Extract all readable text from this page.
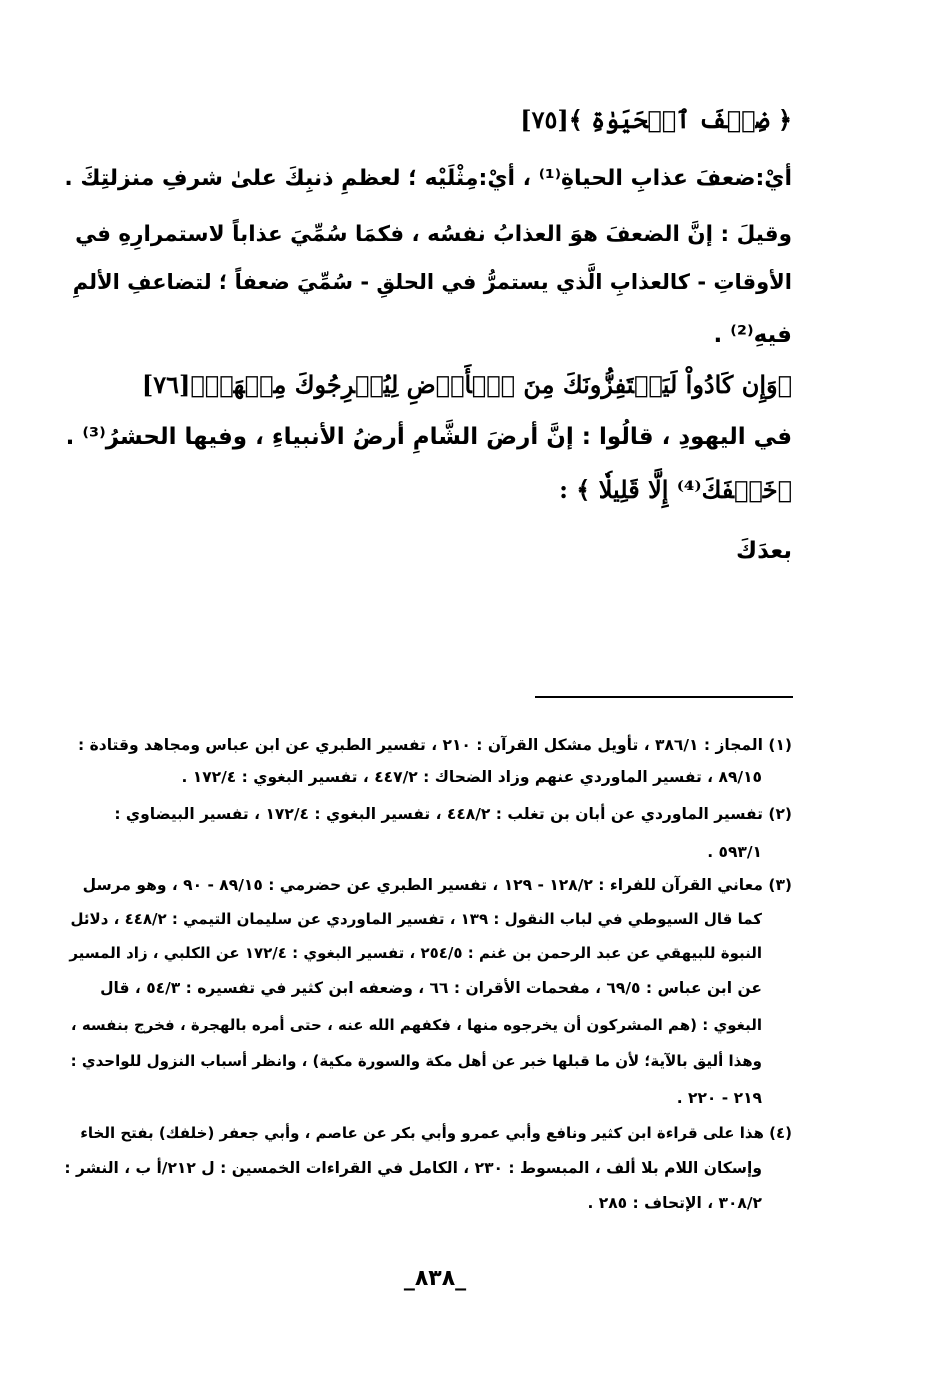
﴿ ضِعۡفَ ٱلۡحَيَوٰةِ ﴾[٧٥]
أيْ:ضعفَ عذابِ الحياةِ⁽¹⁾ ، أيْ:مِثْلَيْه ؛ لعظمِ ذنبِكَ علىٰ شرفِ منزلتِكَ .
وقيلَ : إنَّ الضعفَ هوَ العذابُ نفسُه ، فكمَا سُمِّيَ عذاباً لاستمرارِهِ في
الأوقاتِ - كالعذابِ الَّذي يستمرُّ في الحلقِ - سُمِّيَ ضعفاً ؛ لتضاعفِ الألمِ
فيهِ⁽²⁾ .
﴿وَإِن كَادُواْ لَيَسۡتَفِزُّونَكَ مِنَ ٱلۡأَرۡضِ لِيُخۡرِجُوكَ مِنۡهَاۖ﴾[٧٦]
في اليهودِ ، قالُوا : إنَّ أرضَ الشَّامِ أرضُ الأنبياءِ ، وفيها الحشرُ⁽³⁾ .
﴿خَلۡفَكَ⁽⁴⁾ إِلَّا قَلِيلٗا ﴾ :
بعدَكَ
(١) المجاز : ٣٨٦/١ ، تأويل مشكل القرآن : ٢١٠ ، تفسير الطبري عن ابن عباس ومجاهد وقتادة :
٨٩/١٥ ، تفسير الماوردي عنهم وزاد الضحاك : ٤٤٧/٢ ، تفسير البغوي : ١٧٢/٤ .
(٢) تفسير الماوردي عن أبان بن تغلب : ٤٤٨/٢ ، تفسير البغوي : ١٧٢/٤ ، تفسير البيضاوي :
٥٩٣/١ .
(٣) معاني القرآن للفراء : ١٢٨/٢ - ١٢٩ ، تفسير الطبري عن حضرمي : ٨٩/١٥ - ٩٠ ، وهو مرسل
كما قال السيوطي في لباب النقول : ١٣٩ ، تفسير الماوردي عن سليمان التيمي : ٤٤٨/٢ ، دلائل
النبوة للبيهقي عن عبد الرحمن بن غنم : ٢٥٤/٥ ، تفسير البغوي : ١٧٢/٤ عن الكلبي ، زاد المسير
عن ابن عباس : ٦٩/٥ ، مفحمات الأقران : ٦٦ ، وضعفه ابن كثير في تفسيره : ٥٤/٣ ، قال
البغوي : (هم المشركون أن يخرجوه منها ، فكفهم الله عنه ، حتى أمره بالهجرة ، فخرج بنفسه ،
وهذا أليق بالآية؛ لأن ما قبلها خبر عن أهل مكة والسورة مكية) ، وانظر أسباب النزول للواحدي :
٢١٩ - ٢٢٠ .
(٤) هذا على قراءة ابن كثير ونافع وأبي عمرو وأبي بكر عن عاصم ، وأبي جعفر (خلفك) بفتح الخاء
وإسكان اللام بلا ألف ، المبسوط : ٢٣٠ ، الكامل في القراءات الخمسين : ل ٢١٢/أ ب ، النشر :
٣٠٨/٢ ، الإتحاف : ٢٨٥ .
_٨٣٨_
